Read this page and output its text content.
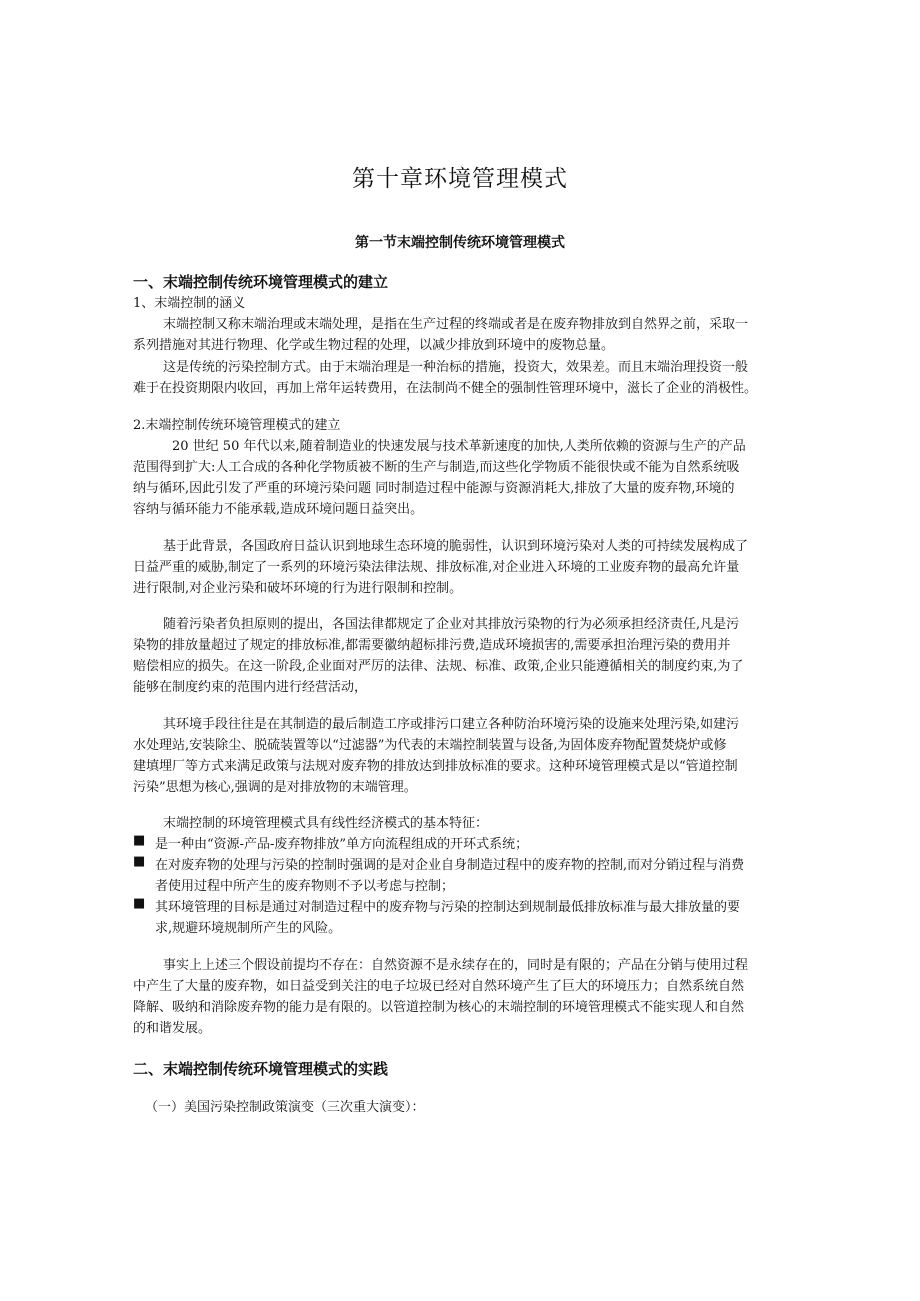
第十章环境管理模式
第一节末端控制传统环境管理模式
一、末端控制传统环境管理模式的建立
1、末端控制的涵义
末端控制又称末端治理或末端处理，是指在生产过程的终端或者是在废弃物排放到自然界之前，采取一
系列措施对其进行物理、化学或生物过程的处理，以减少排放到环境中的废物总量。
这是传统的污染控制方式。由于末端治理是一种治标的措施，投资大，效果差。而且末端治理投资一般
难于在投资期限内收回，再加上常年运转费用，在法制尚不健全的强制性管理环境中，滋长了企业的消极性。
2.末端控制传统环境管理模式的建立
20 世纪 50 年代以来,随着制造业的快速发展与技术革新速度的加快,人类所依赖的资源与生产的产品
范围得到扩大:人工合成的各种化学物质被不断的生产与制造,而这些化学物质不能很快或不能为自然系统吸
纳与循环,因此引发了严重的环境污染问题 同时制造过程中能源与资源消耗大,排放了大量的废弃物,环境的
容纳与循环能力不能承载,造成环境问题日益突出。
基于此背景，各国政府日益认识到地球生态环境的脆弱性，认识到环境污染对人类的可持续发展构成了
日益严重的威胁,制定了一系列的环境污染法律法规、排放标准,对企业进入环境的工业废弃物的最高允许量
进行限制,对企业污染和破坏环境的行为进行限制和控制。
随着污染者负担原则的提出，各国法律都规定了企业对其排放污染物的行为必须承担经济责任,凡是污
染物的排放量超过了规定的排放标准,都需要徽纳超标排污费,造成环境损害的,需要承担治理污染的费用并
赔偿相应的损失。在这一阶段,企业面对严厉的法律、法规、标准、政策,企业只能遵循相关的制度约束,为了
能够在制度约束的范围内进行经营活动，
其环境手段往往是在其制造的最后制造工序或排污口建立各种防治环境污染的设施来处理污染,如建污
水处理站,安装除尘、脱硫装置等以“过滤器”为代表的末端控制装置与设备,为固体废弃物配置焚烧炉或修
建填埋厂等方式来满足政策与法规对废弃物的排放达到排放标准的要求。这种环境管理模式是以“管道控制
污染”思想为核心,强调的是对排放物的末端管理。
末端控制的环境管理模式具有线性经济模式的基本特征：
■ 是一种由“资源-产品-废弃物排放”单方向流程组成的开环式系统；
■ 在对废弃物的处理与污染的控制时强调的是对企业自身制造过程中的废弃物的控制,而对分销过程与消费
者使用过程中所产生的废弃物则不予以考虑与控制；
■ 其环境管理的目标是通过对制造过程中的废弃物与污染的控制达到规制最低排放标准与最大排放量的要
求,规避环境规制所产生的风险。
事实上上述三个假设前提均不存在：自然资源不是永续存在的，同时是有限的；产品在分销与使用过程
中产生了大量的废弃物，如日益受到关注的电子垃圾已经对自然环境产生了巨大的环境压力；自然系统自然
降解、吸纳和消除废弃物的能力是有限的。以管道控制为核心的末端控制的环境管理模式不能实现人和自然
的和谐发展。
二、末端控制传统环境管理模式的实践
（一）美国污染控制政策演变（三次重大演变）：
